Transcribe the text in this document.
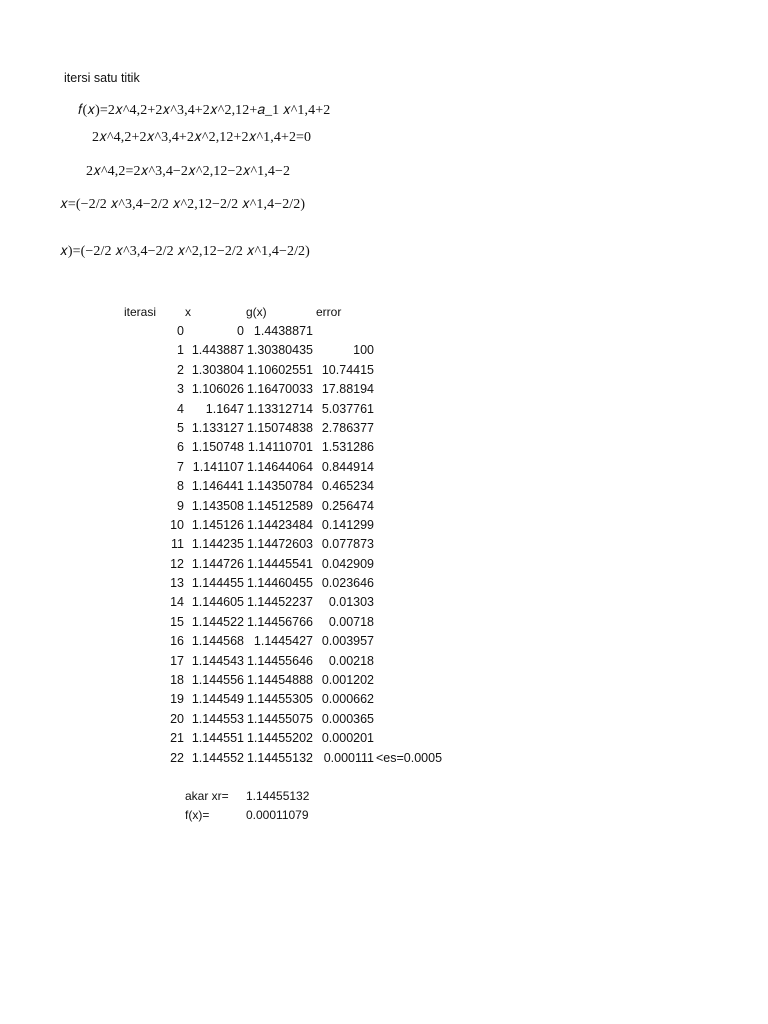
itersi satu titik
𝑓(𝑥)=2𝑥^4,2+2𝑥^3,4+2𝑥^2,12+𝑎_1 𝑥^1,4+2
2𝑥^4,2+2𝑥^3,4+2𝑥^2,12+2𝑥^1,4+2=0
2𝑥^4,2=2𝑥^3,4−2𝑥^2,12−2𝑥^1,4−2
𝑥=(−2/2 𝑥^3,4−2/2 𝑥^2,12−2/2 𝑥^1,4−2/2)
𝑥)=(−2/2 𝑥^3,4−2/2 𝑥^2,12−2/2 𝑥^1,4−2/2)
iterasi x	g(x)	error
0	0 1.4438871
1 1.443887 1.30380435	100
2 1.303804 1.10602551 10.74415
3 1.106026 1.16470033 17.88194
4 1.1647 1.13312714 5.037761
5 1.133127 1.15074838 2.786377
6 1.150748 1.14110701 1.531286
7 1.141107 1.14644064 0.844914
8 1.146441 1.14350784 0.465234
9 1.143508 1.14512589 0.256474
10 1.145126 1.14423484 0.141299
11 1.144235 1.14472603 0.077873
12 1.144726 1.14445541 0.042909
13 1.144455 1.14460455 0.023646
14 1.144605 1.14452237 0.01303
15 1.144522 1.14456766 0.00718
16 1.144568 1.1445427 0.003957
17 1.144543 1.14455646 0.00218
18 1.144556 1.14454888 0.001202
19 1.144549 1.14455305 0.000662
20 1.144553 1.14455075 0.000365
21 1.144551 1.14455202 0.000201
22 1.144552 1.14455132 0.000111 <es=0.0005
akar xr= 1.14455132
f(x)=	0.00011079
